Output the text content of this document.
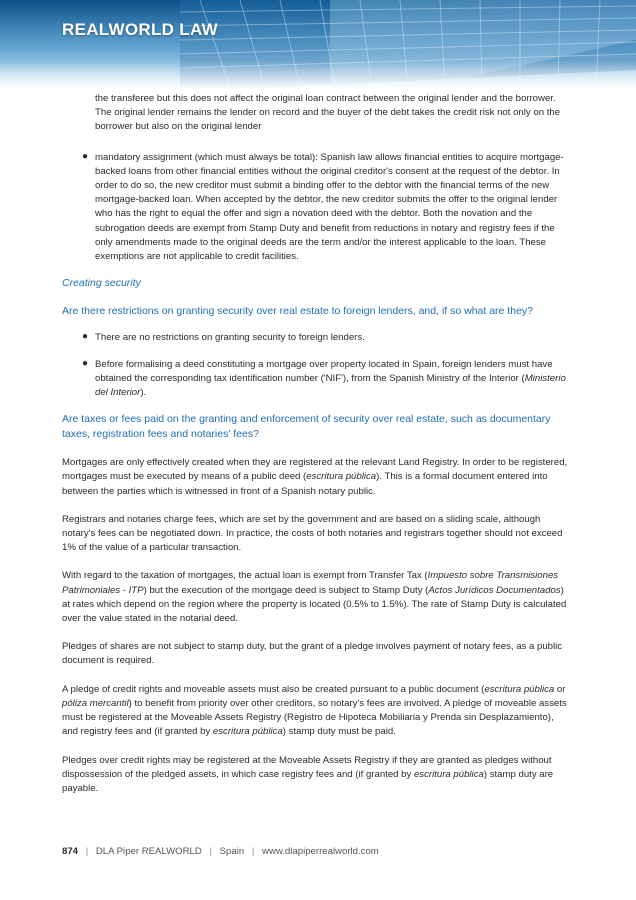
REALWORLD LAW

the transferee but this does not affect the original loan contract between the original lender and the borrower. The original lender remains the lender on record and the buyer of the debt takes the credit risk not only on the borrower but also on the original lender

● mandatory assignment (which must always be total): Spanish law allows financial entities to acquire mortgage-backed loans from other financial entities without the original creditor's consent at the request of the debtor. In order to do so, the new creditor must submit a binding offer to the debtor with the financial terms of the new mortgage-backed loan. When accepted by the debtor, the new creditor submits the offer to the original lender who has the right to equal the offer and sign a novation deed with the debtor. Both the novation and the subrogation deeds are exempt from Stamp Duty and benefit from reductions in notary and registry fees if the only amendments made to the original deeds are the term and/or the interest applicable to the loan. These exemptions are not applicable to credit facilities.
Creating security
Are there restrictions on granting security over real estate to foreign lenders, and, if so what are they?
● There are no restrictions on granting security to foreign lenders.
● Before formalising a deed constituting a mortgage over property located in Spain, foreign lenders must have obtained the corresponding tax identification number ('NIF'), from the Spanish Ministry of the Interior (Ministerio del Interior).
Are taxes or fees paid on the granting and enforcement of security over real estate, such as documentary taxes, registration fees and notaries' fees?

Mortgages are only effectively created when they are registered at the relevant Land Registry. In order to be registered, mortgages must be executed by means of a public deed (escritura pública). This is a formal document entered into between the parties which is witnessed in front of a Spanish notary public.

Registrars and notaries charge fees, which are set by the government and are based on a sliding scale, although notary's fees can be negotiated down. In practice, the costs of both notaries and registrars together should not exceed 1% of the value of a particular transaction.

With regard to the taxation of mortgages, the actual loan is exempt from Transfer Tax (Impuesto sobre Transmisiones Patrimoniales - ITP) but the execution of the mortgage deed is subject to Stamp Duty (Actos Jurídicos Documentados) at rates which depend on the region where the property is located (0.5% to 1.5%). The rate of Stamp Duty is calculated over the value stated in the notarial deed.

Pledges of shares are not subject to stamp duty, but the grant of a pledge involves payment of notary fees, as a public document is required.

A pledge of credit rights and moveable assets must also be created pursuant to a public document (escritura pública or póliza mercantil) to benefit from priority over other creditors, so notary's fees are involved. A pledge of moveable assets must be registered at the Moveable Assets Registry (Registro de Hipoteca Mobiliaria y Prenda sin Desplazamiento), and registry fees and (if granted by escritura pública) stamp duty must be paid.

Pledges over credit rights may be registered at the Moveable Assets Registry if they are granted as pledges without dispossession of the pledged assets, in which case registry fees and (if granted by escritura pública) stamp duty are payable.

874 | DLA Piper REALWORLD | Spain | www.dlapiperrealworld.com
